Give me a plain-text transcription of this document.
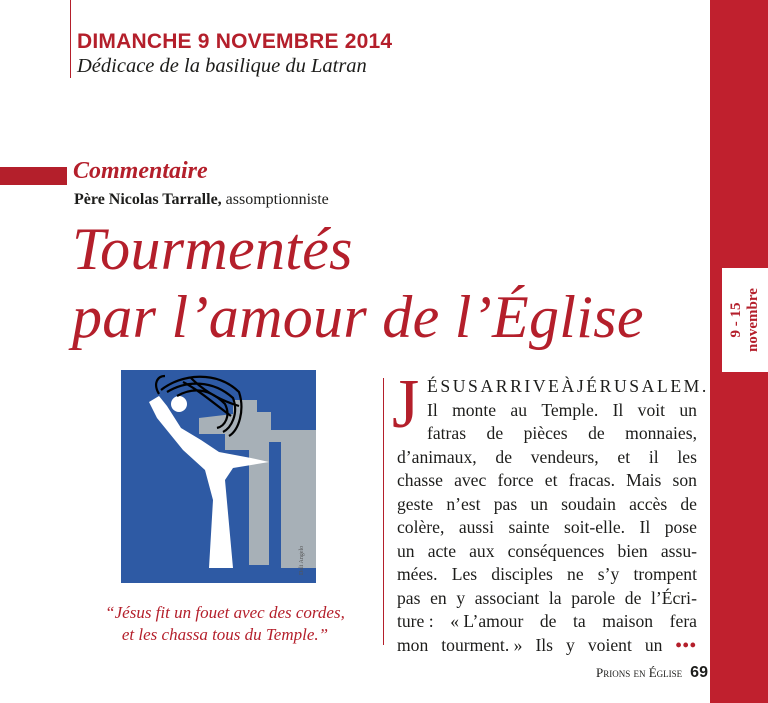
DIMANCHE 9 NOVEMBRE 2014
Dédicace de la basilique du Latran
9 - 15 novembre
Commentaire
Père Nicolas Tarralle, assomptionniste
Tourmentés
par l’amour de l’Église
Dali Angelo
“Jésus fit un fouet avec des cordes,
et les chassa tous du Temple.”
J ÉSUS ARRIVE À JÉRUSALEM.
Il monte au Temple. Il voit un
fatras de pièces de monnaies,
d’animaux, de vendeurs, et il les
chasse avec force et fracas. Mais son
geste n’est pas un soudain accès de
colère, aussi sainte soit-elle. Il pose
un acte aux conséquences bien assu-
mées. Les disciples ne s’y trompent
pas en y associant la parole de l’Écri-
ture : « L’amour de ta maison fera
mon tourment. » Ils y voient un •••
Prions en Église 69
